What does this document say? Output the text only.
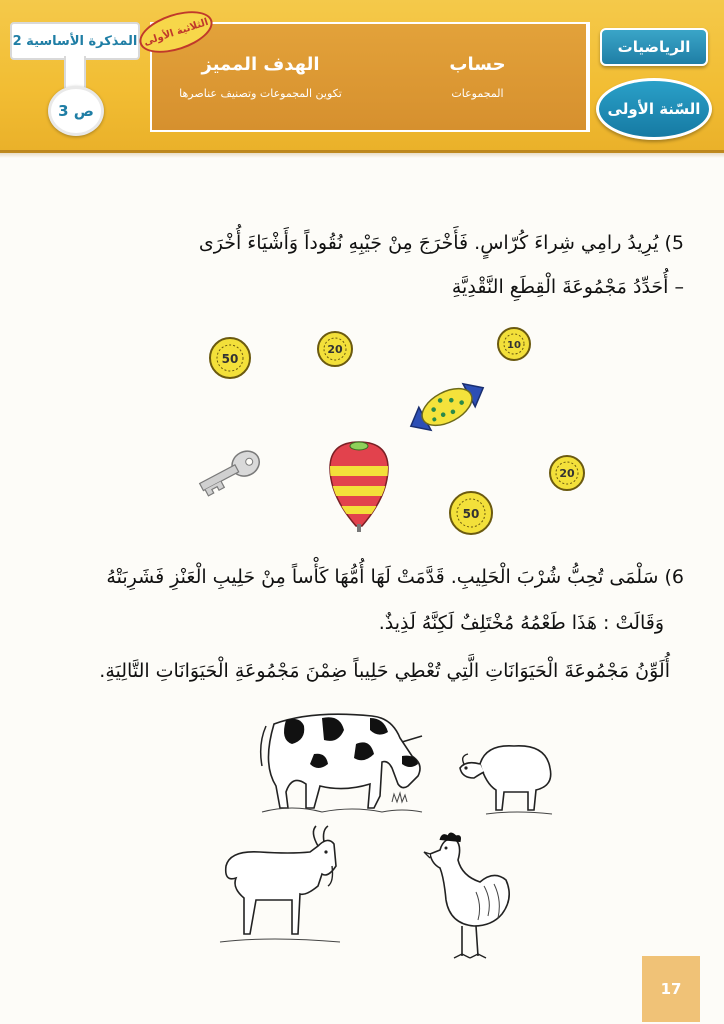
المذكرة الأساسية 2
ص 3
الهدف المميز
تكوين المجموعات وتصنيف عناصرها
حساب
المجموعات
الثلاثية الأولى	الرياضيات
السّنة الأولى
5) يُرِيدُ رامِي شِراءَ كُرّاسٍ. فَأَخْرَجَ مِنْ جَيْبِهِ نُقُوداً وَأَشْيَاءَ أُخْرَى
– أُحَدِّدُ مَجْمُوعَةَ الْقِطَعِ النَّقْدِيَّةِ
50
20	10
20
50
6) سَلْمَى تُحِبُّ شُرْبَ الْحَلِيبِ. قَدَّمَتْ لَهَا أُمُّهَا كَأْساً مِنْ حَلِيبِ الْعَنْزِ فَشَرِبَتْهُ
وَقَالَتْ : هَذَا طَعْمُهُ مُخْتَلِفٌ لَكِنَّهُ لَذِيذٌ.
أُلَوِّنُ مَجْمُوعَةَ الْحَيَوَانَاتِ الَّتِي تُعْطِي حَلِيباً ضِمْنَ مَجْمُوعَةِ الْحَيَوَانَاتِ التَّالِيَةِ.
17
